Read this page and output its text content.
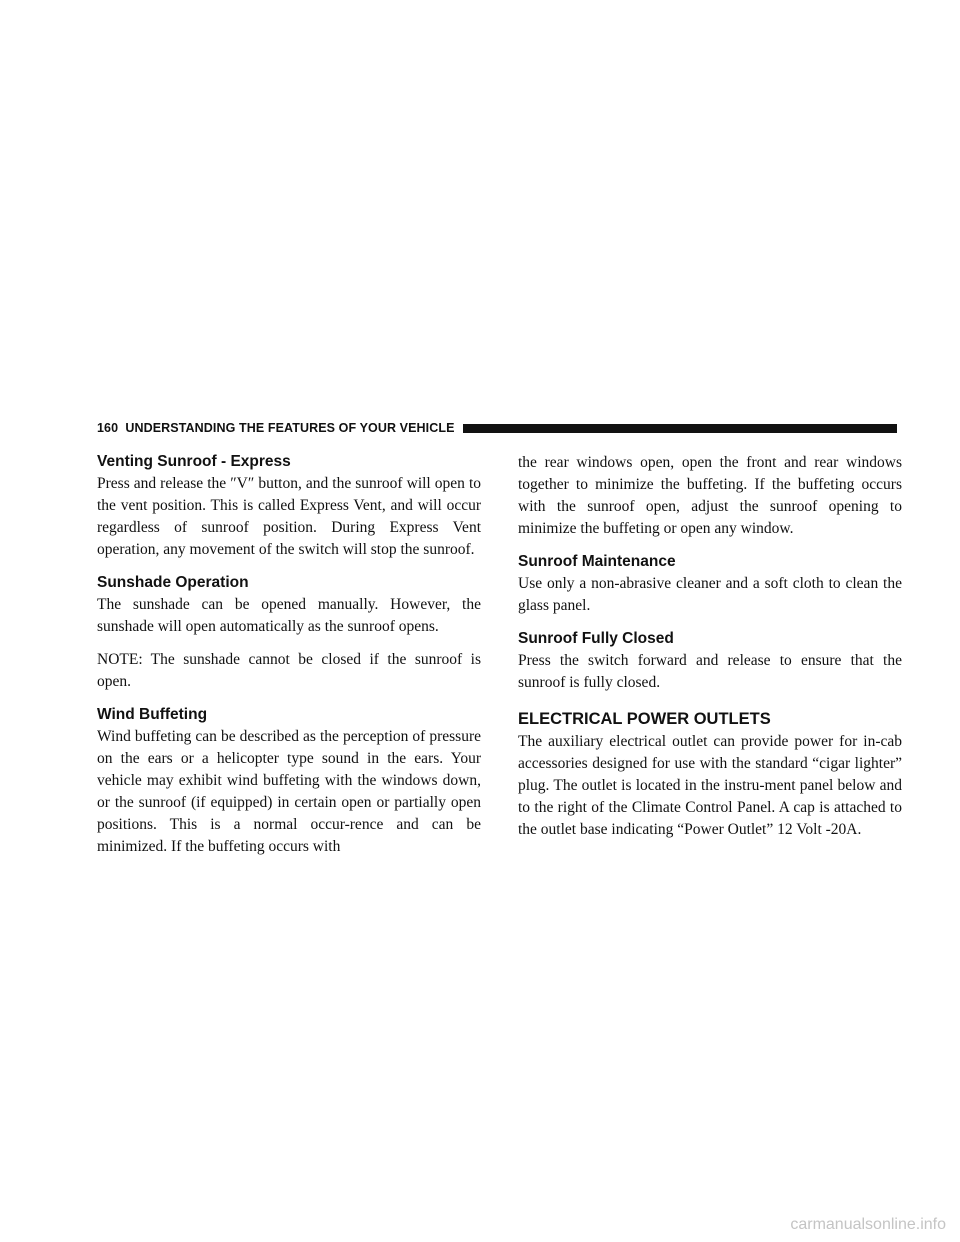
160 UNDERSTANDING THE FEATURES OF YOUR VEHICLE
Venting Sunroof - Express

Press and release the ″V″ button, and the sunroof will open to the vent position. This is called Express Vent, and will occur regardless of sunroof position. During Express Vent operation, any movement of the switch will stop the sunroof.

Sunshade Operation

The sunshade can be opened manually. However, the sunshade will open automatically as the sunroof opens.

NOTE: The sunshade cannot be closed if the sunroof is open.

Wind Buffeting

Wind buffeting can be described as the perception of pressure on the ears or a helicopter type sound in the ears. Your vehicle may exhibit wind buffeting with the windows down, or the sunroof (if equipped) in certain open or partially open positions. This is a normal occur-rence and can be minimized. If the buffeting occurs with

the rear windows open, open the front and rear windows together to minimize the buffeting. If the buffeting occurs with the sunroof open, adjust the sunroof opening to minimize the buffeting or open any window.

Sunroof Maintenance

Use only a non-abrasive cleaner and a soft cloth to clean the glass panel.

Sunroof Fully Closed

Press the switch forward and release to ensure that the sunroof is fully closed.

ELECTRICAL POWER OUTLETS

The auxiliary electrical outlet can provide power for in-cab accessories designed for use with the standard “cigar lighter” plug. The outlet is located in the instru-ment panel below and to the right of the Climate Control Panel. A cap is attached to the outlet base indicating “Power Outlet” 12 Volt -20A.

carmanualsonline.info
